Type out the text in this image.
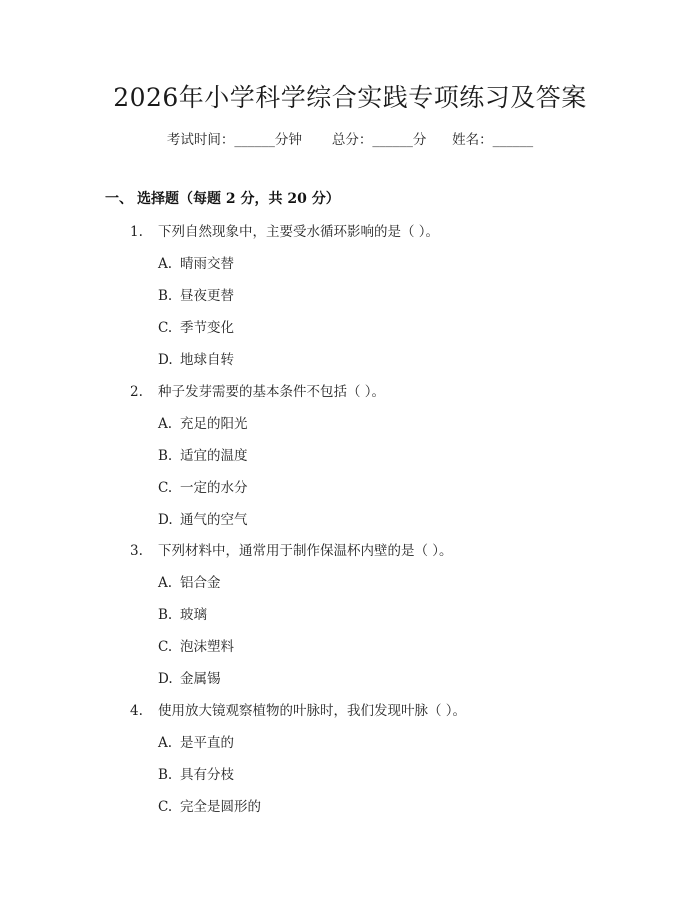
2026年小学科学综合实践专项练习及答案
考试时间：______分钟 总分：______分 姓名：______
一、 选择题（每题 2 分，共 20 分）
1. 下列自然现象中，主要受水循环影响的是（ ）。
A. 晴雨交替
B. 昼夜更替
C. 季节变化
D. 地球自转
2. 种子发芽需要的基本条件不包括（ ）。
A. 充足的阳光
B. 适宜的温度
C. 一定的水分
D. 通气的空气
3. 下列材料中，通常用于制作保温杯内壁的是（ ）。
A. 铝合金
B. 玻璃
C. 泡沫塑料
D. 金属锡
4. 使用放大镜观察植物的叶脉时，我们发现叶脉（ ）。
A. 是平直的
B. 具有分枝
C. 完全是圆形的
